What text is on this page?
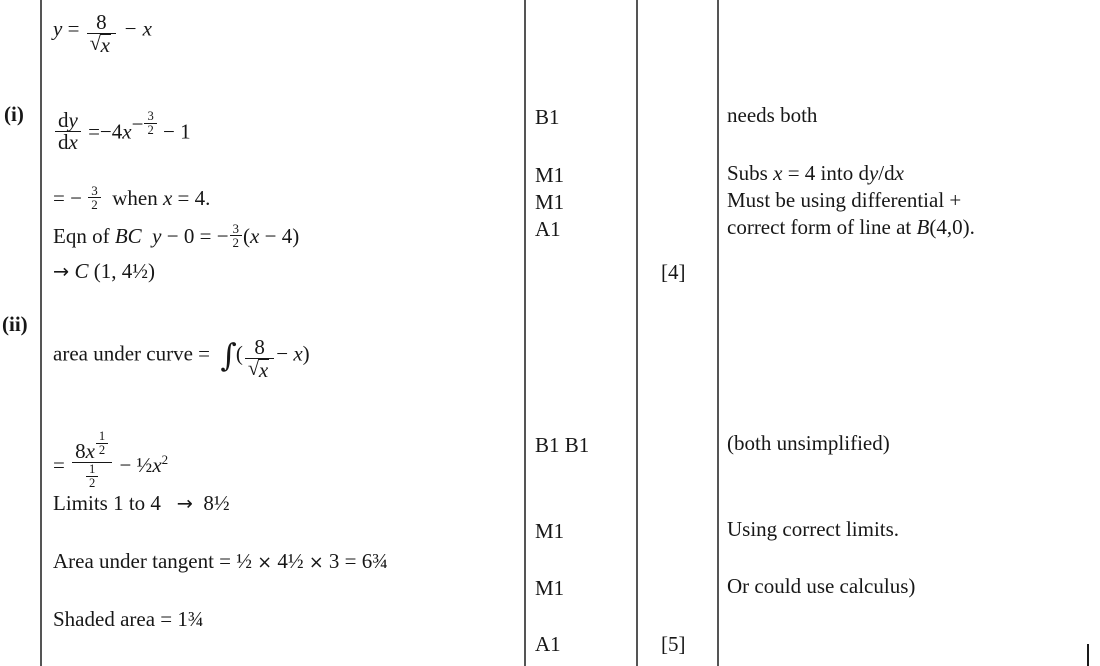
y = 8
√ x − x
$(i) \frac{dy}{dx} =-4x^{- \frac{3}{2}} - 1$
= − $\frac{3}{2}$ when x = 4.
Eqn of BC y − 0 = − $\frac{3}{2} (x - 4)$
→ C (1, 4½)
B1
M1
M1
A1
[4]
needs both
Subs x = 4 into dy/dx
Must be using differential +
correct form of line at B(4,0).
(ii)
area under curve = ∫( 8
√ x − x)
= 8x $^{\frac{1}{2}}$
$\frac{1}{2}$ − $\frac{1}{2}x^2$
Limits 1 to 4 → 8½
Area under tangent = ½ × 4½ × 3 = 6¾
Shaded area = 1¾
B1 B1
M1
M1
A1	[5]
(both unsimplified)
Using correct limits.
Or could use calculus)
